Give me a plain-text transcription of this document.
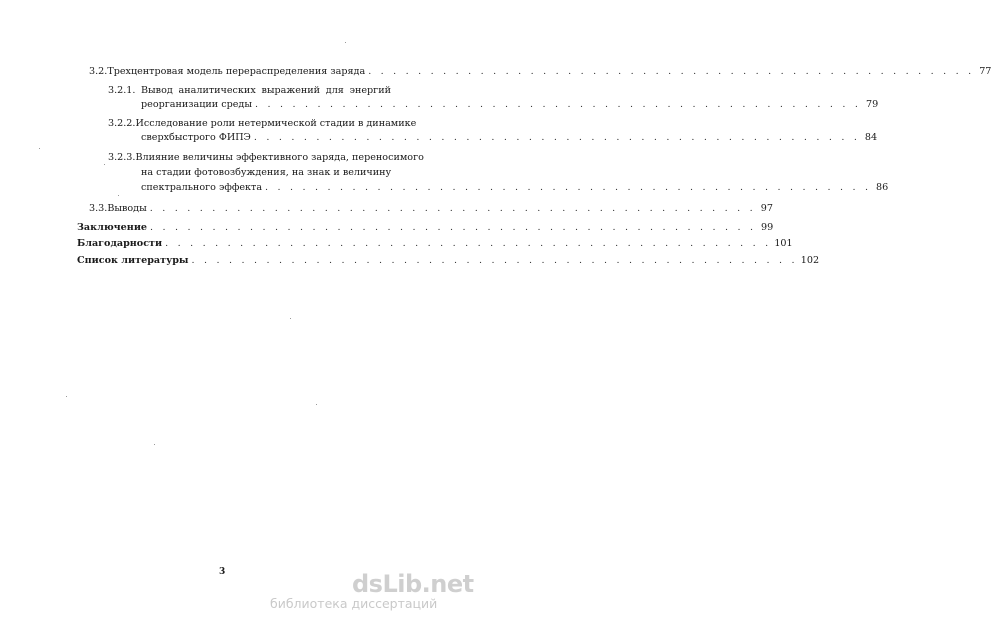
3.2. Трехцентровая модель перераспределения заряда . . . . . . . . . . . . . . . . . . . . . . . . . . . . . . . . . . . . . . . . . . . . . . . . . 77
3.2.1. Вывод аналитических выражений для энергий
реорганизации среды . . . . . . . . . . . . . . . . . . . . . . . . . . . . . . . . . . . . . . . . . . . . . . . . . 79
3.2.2. Исследование роли нетермической стадии в динамике
сверхбыстрого ФИПЭ . . . . . . . . . . . . . . . . . . . . . . . . . . . . . . . . . . . . . . . . . . . . . . . . . 84
3.2.3. Влияние величины эффективного заряда, переносимого
на стадии фотовозбуждения, на знак и величину
спектрального эффекта . . . . . . . . . . . . . . . . . . . . . . . . . . . . . . . . . . . . . . . . . . . . . . . . . 86
3.3. Выводы . . . . . . . . . . . . . . . . . . . . . . . . . . . . . . . . . . . . . . . . . . . . . . . . . 97
Заключение . . . . . . . . . . . . . . . . . . . . . . . . . . . . . . . . . . . . . . . . . . . . . . . . . 99
Благодарности . . . . . . . . . . . . . . . . . . . . . . . . . . . . . . . . . . . . . . . . . . . . . . . . . 101
Список литературы . . . . . . . . . . . . . . . . . . . . . . . . . . . . . . . . . . . . . . . . . . . . . . . . . 102
3	dsLib.net
библиотека диссертаций
